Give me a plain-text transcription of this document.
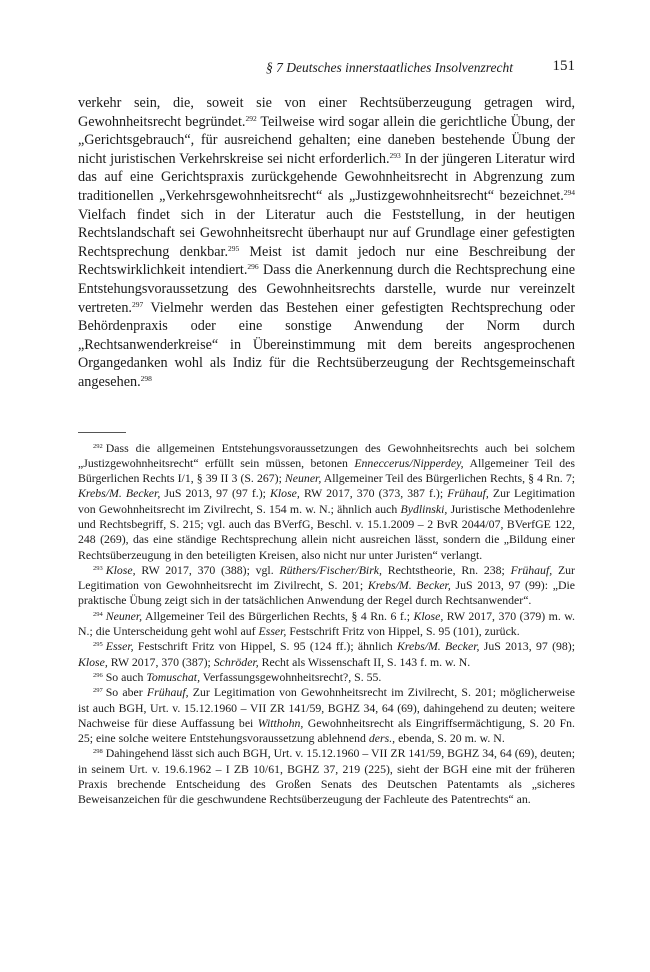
§ 7 Deutsches innerstaatliches Insolvenzrecht	151

verkehr sein, die, soweit sie von einer Rechtsüberzeugung getragen wird, Gewohnheitsrecht begründet.$^{292}$ Teilweise wird sogar allein die gerichtliche Übung, der „Gerichtsgebrauch“, für ausreichend gehalten; eine daneben bestehende Übung der nicht juristischen Verkehrskreise sei nicht erforderlich.$^{293}$ In der jüngeren Literatur wird das auf eine Gerichtspraxis zurückgehende Gewohnheitsrecht in Abgrenzung zum traditionellen „Verkehrsgewohnheitsrecht“ als „Justizgewohnheitsrecht“ bezeichnet.$^{294}$ Vielfach findet sich in der Literatur auch die Feststellung, in der heutigen Rechtslandschaft sei Gewohnheitsrecht überhaupt nur auf Grundlage einer gefestigten Rechtsprechung denkbar.$^{295}$ Meist ist damit jedoch nur eine Beschreibung der Rechtswirklichkeit intendiert.$^{296}$ Dass die Anerkennung durch die Rechtsprechung eine Entstehungsvoraussetzung des Gewohnheitsrechts darstelle, wurde nur vereinzelt vertreten.$^{297}$ Vielmehr werden das Bestehen einer gefestigten Rechtsprechung oder Behördenpraxis oder eine sonstige Anwendung der Norm durch „Rechtsanwenderkreise“ in Übereinstimmung mit dem bereits angesprochenen Organgedanken wohl als Indiz für die Rechtsüberzeugung der Rechtsgemeinschaft angesehen.$^{298}$

$^{292}$ Dass die allgemeinen Entstehungsvoraussetzungen des Gewohnheitsrechts auch bei solchem „Justizgewohnheitsrecht“ erfüllt sein müssen, betonen Enneccerus/Nipperdey, Allgemeiner Teil des Bürgerlichen Rechts I/1, § 39 II 3 (S. 267); Neuner, Allgemeiner Teil des Bürgerlichen Rechts, § 4 Rn. 7; Krebs/M. Becker, JuS 2013, 97 (97 f.); Klose, RW 2017, 370 (373, 387 f.); Frühauf, Zur Legitimation von Gewohnheitsrecht im Zivilrecht, S. 154 m. w. N.; ähnlich auch Bydlinski, Juristische Methodenlehre und Rechtsbegriff, S. 215; vgl. auch das BVerfG, Beschl. v. 15.1.2009 – 2 BvR 2044/07, BVerfGE 122, 248 (269), das eine ständige Rechtsprechung allein nicht ausreichen lässt, sondern die „Bildung einer Rechtsüberzeugung in den beteiligten Kreisen, also nicht nur unter Juristen“ verlangt.

$^{293}$ Klose, RW 2017, 370 (388); vgl. Rüthers/Fischer/Birk, Rechtstheorie, Rn. 238; Frühauf, Zur Legitimation von Gewohnheitsrecht im Zivilrecht, S. 201; Krebs/M. Becker, JuS 2013, 97 (99): „Die praktische Übung zeigt sich in der tatsächlichen Anwendung der Regel durch Rechtsanwender“.

$^{294}$ Neuner, Allgemeiner Teil des Bürgerlichen Rechts, § 4 Rn. 6 f.; Klose, RW 2017, 370 (379) m. w. N.; die Unterscheidung geht wohl auf Esser, Festschrift Fritz von Hippel, S. 95 (101), zurück.

$^{295}$ Esser, Festschrift Fritz von Hippel, S. 95 (124 ff.); ähnlich Krebs/M. Becker, JuS 2013, 97 (98); Klose, RW 2017, 370 (387); Schröder, Recht als Wissenschaft II, S. 143 f. m. w. N.

$^{296}$ So auch Tomuschat, Verfassungsgewohnheitsrecht?, S. 55.

$^{297}$ So aber Frühauf, Zur Legitimation von Gewohnheitsrecht im Zivilrecht, S. 201; möglicherweise ist auch BGH, Urt. v. 15.12.1960 – VII ZR 141/59, BGHZ 34, 64 (69), dahingehend zu deuten; weitere Nachweise für diese Auffassung bei Witthohn, Gewohnheitsrecht als Eingriffsermächtigung, S. 20 Fn. 25; eine solche weitere Entstehungsvoraussetzung ablehnend ders., ebenda, S. 20 m. w. N.

$^{298}$ Dahingehend lässt sich auch BGH, Urt. v. 15.12.1960 – VII ZR 141/59, BGHZ 34, 64 (69), deuten; in seinem Urt. v. 19.6.1962 – I ZB 10/61, BGHZ 37, 219 (225), sieht der BGH eine mit der früheren Praxis brechende Entscheidung des Großen Senats des Deutschen Patentamts als „sicheres Beweisanzeichen für die geschwundene Rechtsüberzeugung der Fachleute des Patentrechts“ an.
